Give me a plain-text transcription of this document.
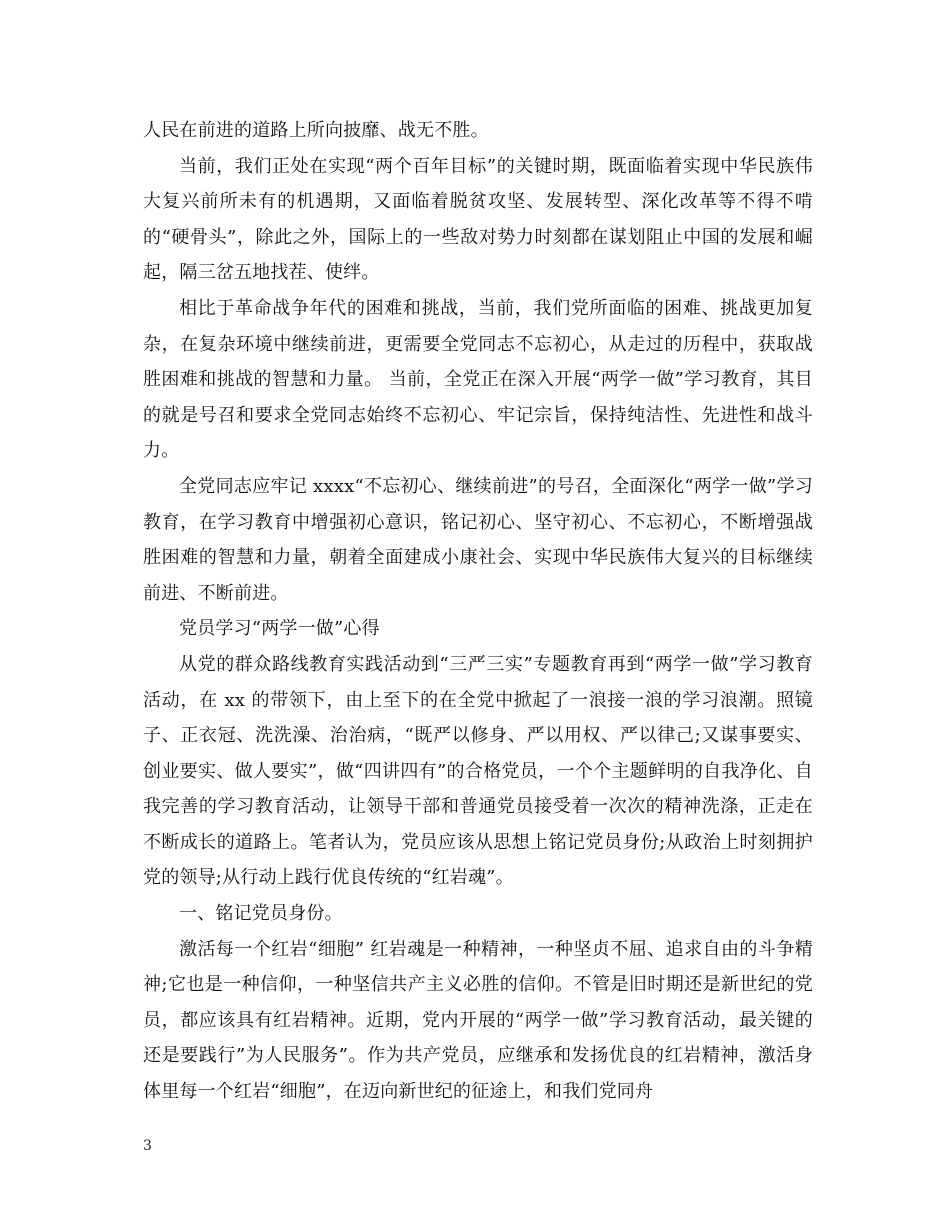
人民在前进的道路上所向披靡、战无不胜。

当前，我们正处在实现“两个百年目标”的关键时期，既面临着实现中华民族伟大复兴前所未有的机遇期，又面临着脱贫攻坚、发展转型、深化改革等不得不啃的“硬骨头”，除此之外，国际上的一些敌对势力时刻都在谋划阻止中国的发展和崛起，隔三岔五地找茬、使绊。

相比于革命战争年代的困难和挑战，当前，我们党所面临的困难、挑战更加复杂，在复杂环境中继续前进，更需要全党同志不忘初心，从走过的历程中，获取战胜困难和挑战的智慧和力量。 当前，全党正在深入开展“两学一做”学习教育，其目的就是号召和要求全党同志始终不忘初心、牢记宗旨，保持纯洁性、先进性和战斗力。

全党同志应牢记 xxxx“不忘初心、继续前进”的号召，全面深化“两学一做”学习教育，在学习教育中增强初心意识，铭记初心、坚守初心、不忘初心，不断增强战胜困难的智慧和力量，朝着全面建成小康社会、实现中华民族伟大复兴的目标继续前进、不断前进。

党员学习“两学一做”心得

从党的群众路线教育实践活动到“三严三实”专题教育再到“两学一做”学习教育活动，在 xx 的带领下，由上至下的在全党中掀起了一浪接一浪的学习浪潮。照镜子、正衣冠、洗洗澡、治治病，“既严以修身、严以用权、严以律己;又谋事要实、创业要实、做人要实”，做“四讲四有”的合格党员，一个个主题鲜明的自我净化、自我完善的学习教育活动，让领导干部和普通党员接受着一次次的精神洗涤，正走在不断成长的道路上。笔者认为，党员应该从思想上铭记党员身份;从政治上时刻拥护党的领导;从行动上践行优良传统的“红岩魂”。

一、铭记党员身份。

激活每一个红岩“细胞” 红岩魂是一种精神，一种坚贞不屈、追求自由的斗争精神;它也是一种信仰，一种坚信共产主义必胜的信仰。不管是旧时期还是新世纪的党员，都应该具有红岩精神。近期，党内开展的“两学一做”学习教育活动，最关键的还是要践行”为人民服务”。作为共产党员，应继承和发扬优良的红岩精神，激活身体里每一个红岩“细胞”，在迈向新世纪的征途上，和我们党同舟

3
